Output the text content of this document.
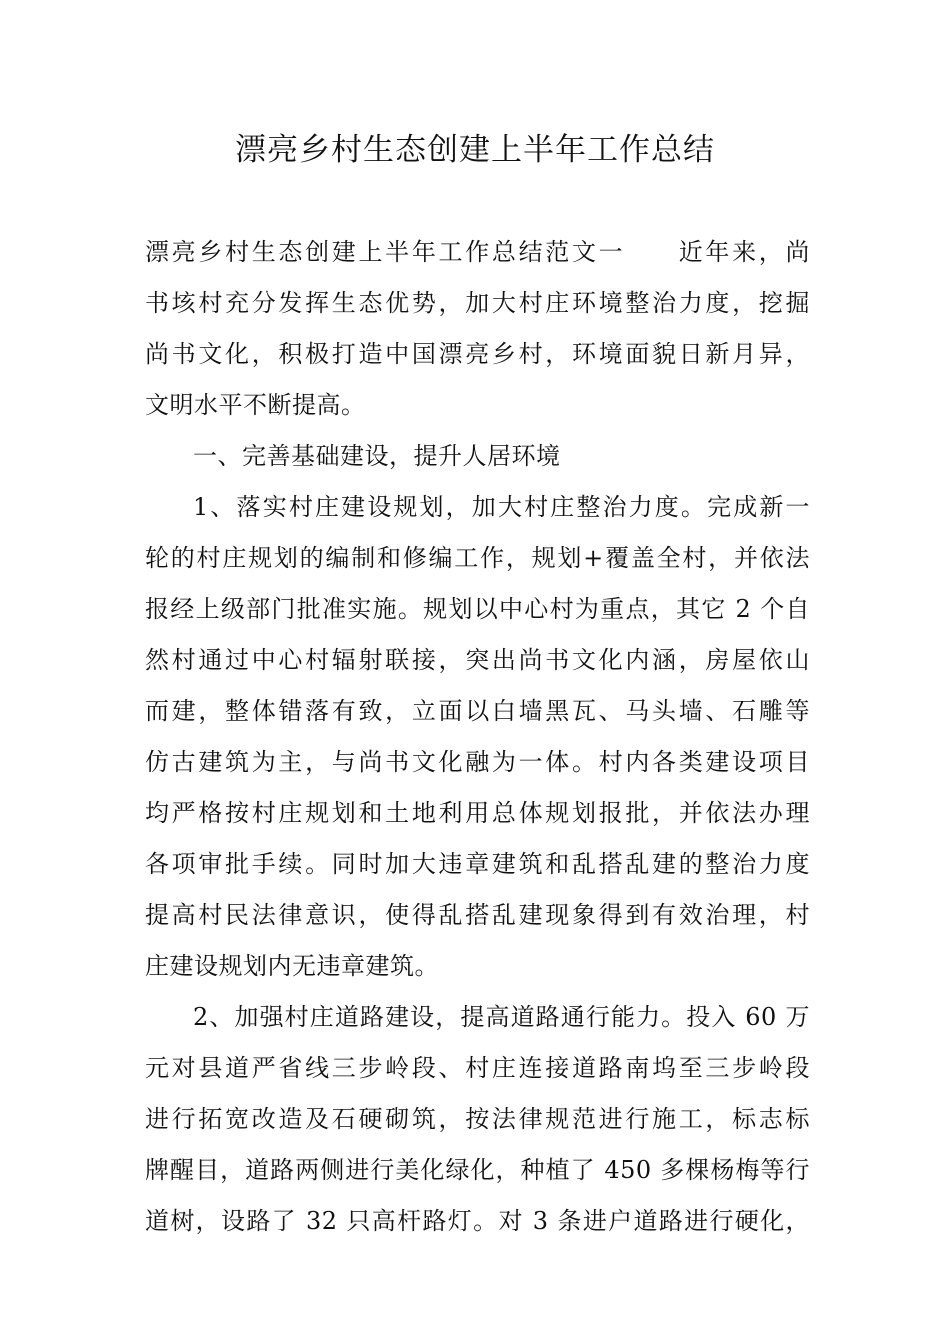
漂亮乡村生态创建上半年工作总结
漂亮乡村生态创建上半年工作总结范文一　　近年来，尚
书垓村充分发挥生态优势，加大村庄环境整治力度，挖掘
尚书文化，积极打造中国漂亮乡村，环境面貌日新月异，
文明水平不断提高。
一、完善基础建设，提升人居环境
1、落实村庄建设规划，加大村庄整治力度。完成新一
轮的村庄规划的编制和修编工作，规划+覆盖全村，并依法
报经上级部门批准实施。规划以中心村为重点，其它 2 个自
然村通过中心村辐射联接，突出尚书文化内涵，房屋依山
而建，整体错落有致，立面以白墙黑瓦、马头墙、石雕等
仿古建筑为主，与尚书文化融为一体。村内各类建设项目
均严格按村庄规划和土地利用总体规划报批，并依法办理
各项审批手续。同时加大违章建筑和乱搭乱建的整治力度
提高村民法律意识，使得乱搭乱建现象得到有效治理，村
庄建设规划内无违章建筑。
2、加强村庄道路建设，提高道路通行能力。投入 60 万
元对县道严省线三步岭段、村庄连接道路南坞至三步岭段
进行拓宽改造及石硬砌筑，按法律规范进行施工，标志标
牌醒目，道路两侧进行美化绿化，种植了 450 多棵杨梅等行
道树，设路了 32 只高杆路灯。对 3 条进户道路进行硬化，
